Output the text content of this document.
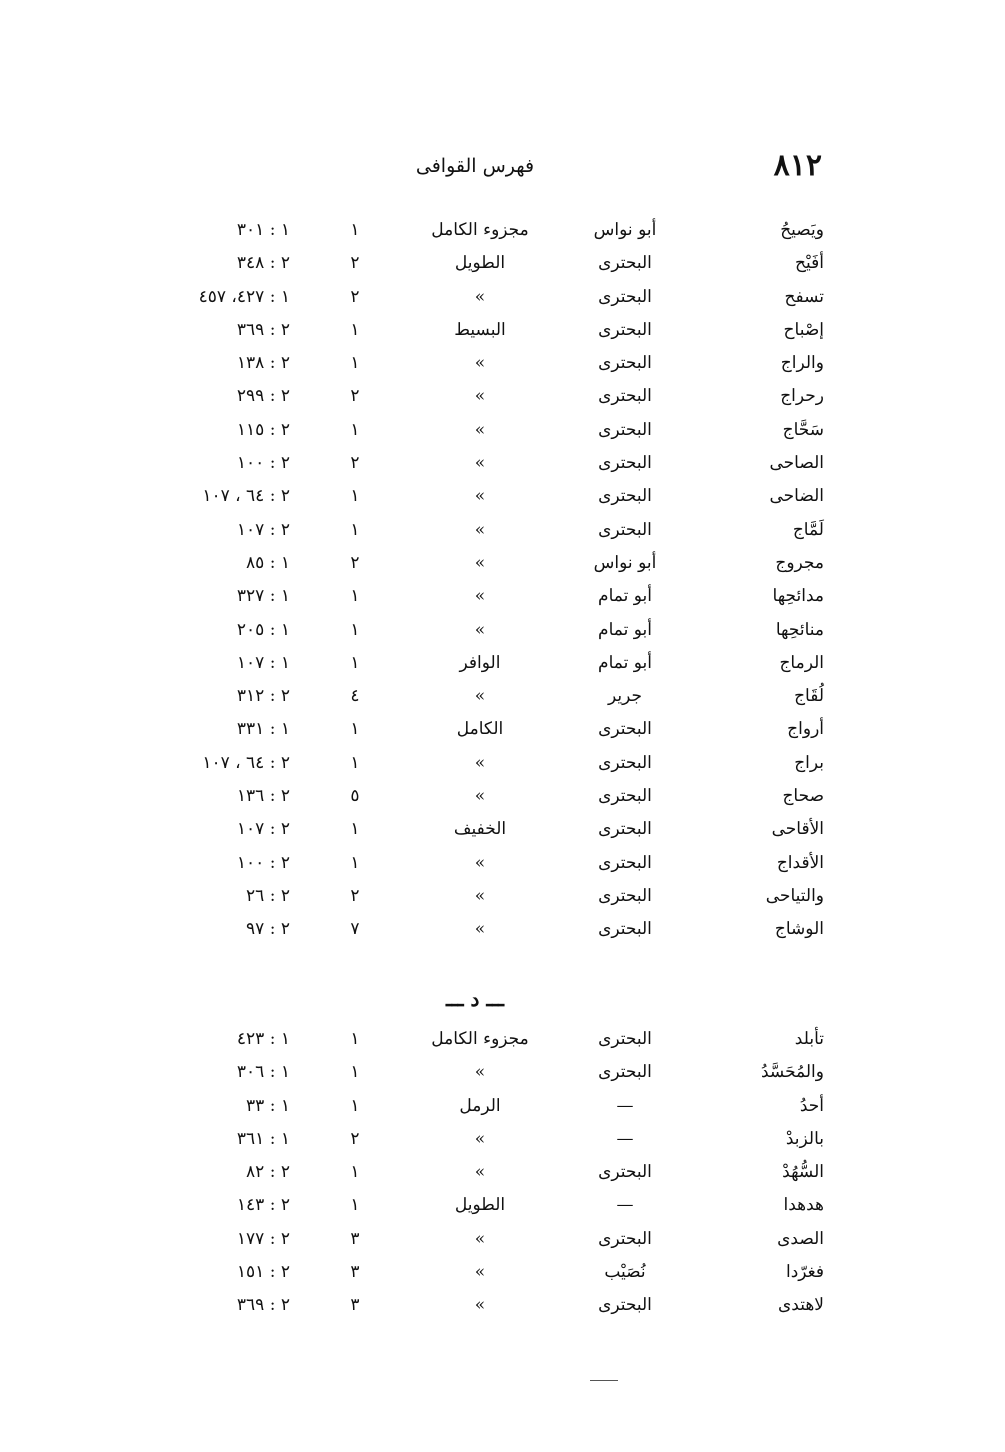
٨١٢
فهرس القوافى
ويَصيحُ
أبو نواس
مجزوء الكامل
١
١ : ٣٠١
أفَيْح
البحترى
الطويل
٢
٢ : ٣٤٨
تسفح
البحترى
»
٢
١ : ٤٢٧، ٤٥٧
إصْباح
البحترى
البسيط
١
٢ : ٣٦٩
والراج
البحترى
»
١
٢ : ١٣٨
رحراج
البحترى
»
٢
٢ : ٢٩٩
سَحَّاج
البحترى
»
١
٢ : ١١٥
الصاحى
البحترى
»
٢
٢ : ١٠٠
الضاحى
البحترى
»
١
٢ : ٦٤ ، ١٠٧
لَمَّاج
البحترى
»
١
٢ : ١٠٧
مجروج
أبو نواس
»
٢
١ : ٨٥
مدائحِها
أبو تمام
»
١
١ : ٣٢٧
منائحِها
أبو تمام
»
١
١ : ٢٠٥
الرماج
أبو تمام
الوافر
١
١ : ١٠٧
لُقَاج
جرير
»
٤
٢ : ٣١٢
أرواج
البحترى
الكامل
١
١ : ٣٣١
براج
البحترى
»
١
٢ : ٦٤ ، ١٠٧
صحاج
البحترى
»
٥
٢ : ١٣٦
الأقاحى
البحترى
الخفيف
١
٢ : ١٠٧
الأقداج
البحترى
»
١
٢ : ١٠٠
والتياحى
البحترى
»
٢
٢ : ٢٦
الوشاج
البحترى
»
٧
٢ : ٩٧
ـــ د ـــ
تأبلد
البحترى
مجزوء الكامل
١
١ : ٤٢٣
والمُحَسَّدُ
البحترى
»
١
١ : ٣٠٦
أحدُ
—
الرمل
١
١ : ٣٣
بالزبدْ
—
»
٢
١ : ٣٦١
السُّهُدْ
البحترى
»
١
٢ : ٨٢
هدهدا
—
الطويل
١
٢ : ١٤٣
الصدى
البحترى
»
٣
٢ : ١٧٧
فغرّدا
نُصَيْب
»
٣
٢ : ١٥١
لاهتدى
البحترى
»
٣
٢ : ٣٦٩
